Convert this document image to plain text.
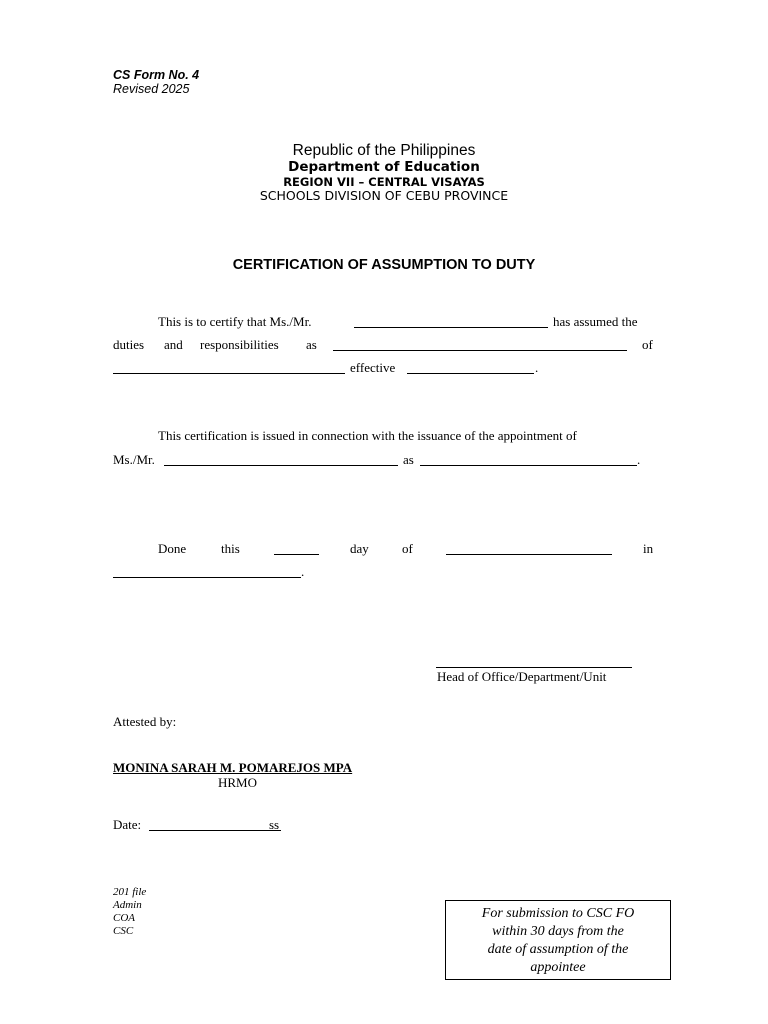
CS Form No. 4
Revised 2025
Republic of the Philippines
Department of Education
REGION VII – CENTRAL VISAYAS
SCHOOLS DIVISION OF CEBU PROVINCE
CERTIFICATION OF ASSUMPTION TO DUTY
This is to certify that Ms./Mr.	has assumed the
duties and responsibilities as	of
effective	.
This certification is issued in connection with the issuance of the appointment of
Ms./Mr.	as	.
Done	this	day	of	in
.
Head of Office/Department/Unit
Attested by:
MONINA SARAH M. POMAREJOS MPA
HRMO
Date:	ss
201 file
Admin
COA
CSC
For submission to CSC FO
within 30 days from the
date of assumption of the
appointee
